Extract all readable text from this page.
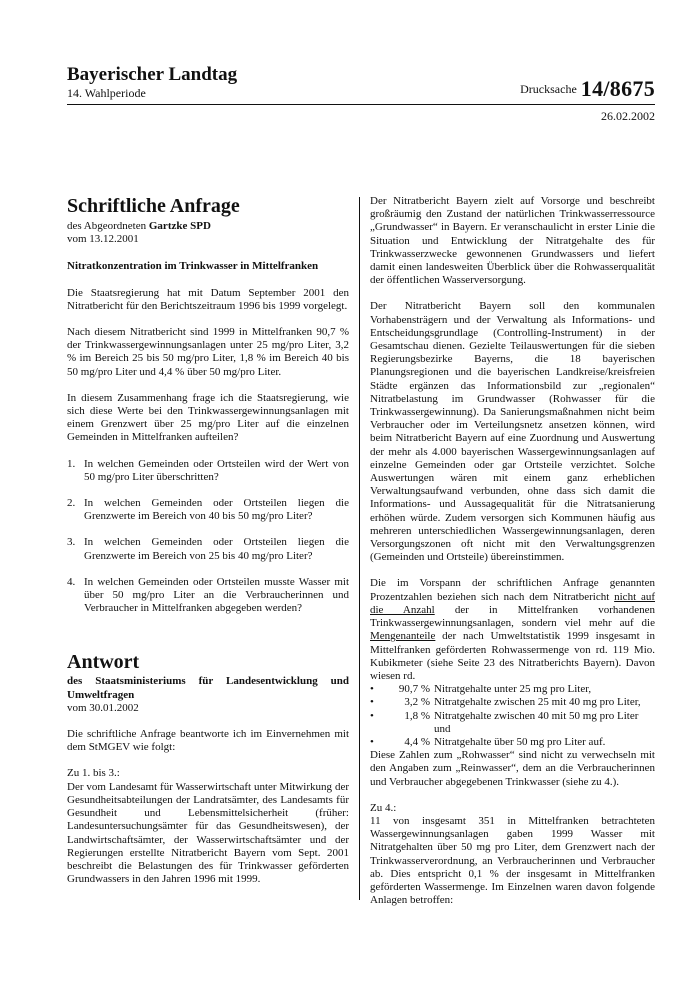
Bayerischer Landtag
14. Wahlperiode	Drucksache 14/8675
26.02.2002
Schriftliche Anfrage
des Abgeordneten Gartzke SPD
vom 13.12.2001

Nitratkonzentration im Trinkwasser in Mittelfranken

Die Staatsregierung hat mit Datum September 2001 den Nitratbericht für den Berichtszeitraum 1996 bis 1999 vorgelegt.

Nach diesem Nitratbericht sind 1999 in Mittelfranken 90,7 % der Trinkwassergewinnungsanlagen unter 25 mg/pro Liter, 3,2 % im Bereich 25 bis 50 mg/pro Liter, 1,8 % im Bereich 40 bis 50 mg/pro Liter und 4,4 % über 50 mg/pro Liter.

In diesem Zusammenhang frage ich die Staatsregierung, wie sich diese Werte bei den Trinkwassergewinnungsanlagen mit einem Grenzwert über 25 mg/pro Liter auf die einzelnen Gemeinden in Mittelfranken aufteilen?

1. In welchen Gemeinden oder Ortsteilen wird der Wert von 50 mg/pro Liter überschritten?
2. In welchen Gemeinden oder Ortsteilen liegen die Grenzwerte im Bereich von 40 bis 50 mg/pro Liter?
3. In welchen Gemeinden oder Ortsteilen liegen die Grenzwerte im Bereich von 25 bis 40 mg/pro Liter?
4. In welchen Gemeinden oder Ortsteilen musste Wasser mit über 50 mg/pro Liter an die Verbraucherinnen und Verbraucher in Mittelfranken abgegeben werden?
Antwort
des Staatsministeriums für Landesentwicklung und Umweltfragen

vom 30.01.2002

Die schriftliche Anfrage beantworte ich im Einvernehmen mit dem StMGEV wie folgt:

Zu 1. bis 3.:

Der vom Landesamt für Wasserwirtschaft unter Mitwirkung der Gesundheitsabteilungen der Landratsämter, des Landesamts für Gesundheit und Lebensmittelsicherheit (früher: Landesuntersuchungsämter für das Gesundheitswesen), der Landwirtschaftsämter, der Wasserwirtschaftsämter und der Regierungen erstellte Nitratbericht Bayern vom Sept. 2001 beschreibt die Belastungen des für Trinkwasser geförderten Grundwassers in den Jahren 1996 mit 1999.

Der Nitratbericht Bayern zielt auf Vorsorge und beschreibt großräumig den Zustand der natürlichen Trinkwasserressource „Grundwasser“ in Bayern. Er veranschaulicht in erster Linie die Situation und Entwicklung der Nitratgehalte des für Trinkwasserzwecke gewonnenen Grundwassers und liefert damit einen landesweiten Überblick über die Rohwasserqualität der öffentlichen Wasserversorgung.

Der Nitratbericht Bayern soll den kommunalen Vorhabensträgern und der Verwaltung als Informations- und Entscheidungsgrundlage (Controlling-Instrument) in der Gesamtschau dienen. Gezielte Teilauswertungen für die sieben Regierungsbezirke Bayerns, die 18 bayerischen Planungsregionen und die bayerischen Landkreise/kreisfreien Städte ergänzen das Informationsbild zur „regionalen“ Nitratbelastung im Grundwasser (Rohwasser für die Trinkwassergewinnung). Da Sanierungsmaßnahmen nicht beim Verbraucher oder im Verteilungsnetz ansetzen können, wird beim Nitratbericht Bayern auf eine Zuordnung und Auswertung der mehr als 4.000 bayerischen Wassergewinnungsanlagen auf einzelne Gemeinden oder gar Ortsteile verzichtet. Solche Auswertungen wären mit einem ganz erheblichen Verwaltungsaufwand verbunden, ohne dass sich damit die Informations- und Aussagequalität für die Nitratsanierung erhöhen würde. Zudem versorgen sich Kommunen häufig aus mehreren unterschiedlichen Wassergewinnungsanlagen, deren Versorgungszonen oft nicht mit den Verwaltungsgrenzen (Gemeinden und Ortsteile) übereinstimmen.

Die im Vorspann der schriftlichen Anfrage genannten Prozentzahlen beziehen sich nach dem Nitratbericht nicht auf die Anzahl der in Mittelfranken vorhandenen Trinkwassergewinnungsanlagen, sondern viel mehr auf die Mengenanteile der nach Umweltstatistik 1999 insgesamt in Mittelfranken geförderten Rohwassermenge von rd. 119 Mio. Kubikmeter (siehe Seite 23 des Nitratberichts Bayern). Davon wiesen rd.
•	90,7 % Nitratgehalte unter 25 mg pro Liter,
•	3,2 % Nitratgehalte zwischen 25 mit 40 mg pro Liter,
•	1,8 % Nitratgehalte zwischen 40 mit 50 mg pro Liter
und
•	4,4 % Nitratgehalte über 50 mg pro Liter auf.

Diese Zahlen zum „Rohwasser“ sind nicht zu verwechseln mit den Angaben zum „Reinwasser“, dem an die Verbraucherinnen und Verbraucher abgegebenen Trinkwasser (siehe zu 4.).

Zu 4.:

11 von insgesamt 351 in Mittelfranken betrachteten Wassergewinnungsanlagen gaben 1999 Wasser mit Nitratgehalten über 50 mg pro Liter, dem Grenzwert nach der Trinkwasserverordnung, an Verbraucherinnen und Verbraucher ab. Dies entspricht 0,1 % der insgesamt in Mittelfranken geförderten Wassermenge. Im Einzelnen waren davon folgende Anlagen betroffen:
